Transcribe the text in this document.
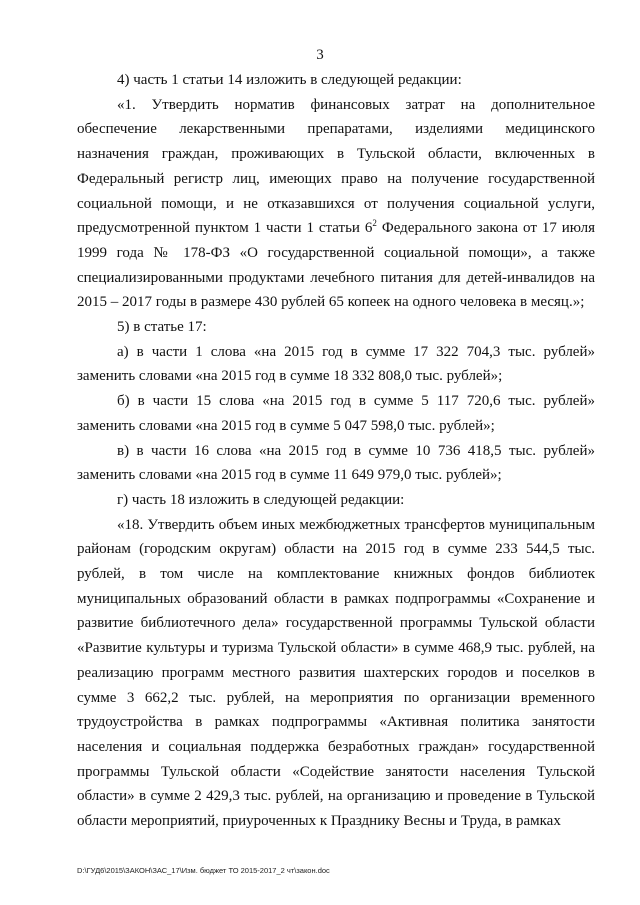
3

4) часть 1 статьи 14 изложить в следующей редакции:

«1. Утвердить норматив финансовых затрат на дополнительное обеспечение лекарственными препаратами, изделиями медицинского назначения граждан, проживающих в Тульской области, включенных в Федеральный регистр лиц, имеющих право на получение государственной социальной помощи, и не отказавшихся от получения социальной услуги, предусмотренной пунктом 1 части 1 статьи $6^2$ Федерального закона от 17 июля 1999 года № 178-ФЗ «О государственной социальной помощи», а также специализированными продуктами лечебного питания для детей-инвалидов на 2015 – 2017 годы в размере 430 рублей 65 копеек на одного человека в месяц.»;

5) в статье 17:

а) в части 1 слова «на 2015 год в сумме 17 322 704,3 тыс. рублей» заменить словами «на 2015 год в сумме 18 332 808,0 тыс. рублей»;

б) в части 15 слова «на 2015 год в сумме 5 117 720,6 тыс. рублей» заменить словами «на 2015 год в сумме 5 047 598,0 тыс. рублей»;

в) в части 16 слова «на 2015 год в сумме 10 736 418,5 тыс. рублей» заменить словами «на 2015 год в сумме 11 649 979,0 тыс. рублей»;

г) часть 18 изложить в следующей редакции:

«18. Утвердить объем иных межбюджетных трансфертов муниципальным районам (городским округам) области на 2015 год в сумме 233 544,5 тыс. рублей, в том числе на комплектование книжных фондов библиотек муниципальных образований области в рамках подпрограммы «Сохранение и развитие библиотечного дела» государственной программы Тульской области «Развитие культуры и туризма Тульской области» в сумме 468,9 тыс. рублей, на реализацию программ местного развития шахтерских городов и поселков в сумме 3 662,2 тыс. рублей, на мероприятия по организации временного трудоустройства в рамках подпрограммы «Активная политика занятости населения и социальная поддержка безработных граждан» государственной программы Тульской области «Содействие занятости населения Тульской области» в сумме 2 429,3 тыс. рублей, на организацию и проведение в Тульской области мероприятий, приуроченных к Празднику Весны и Труда, в рамках

D:\ГУД6\2015\ЗАКОН\ЗАС_17\Изм. бюджет ТО 2015-2017_2 чт\закон.doc
